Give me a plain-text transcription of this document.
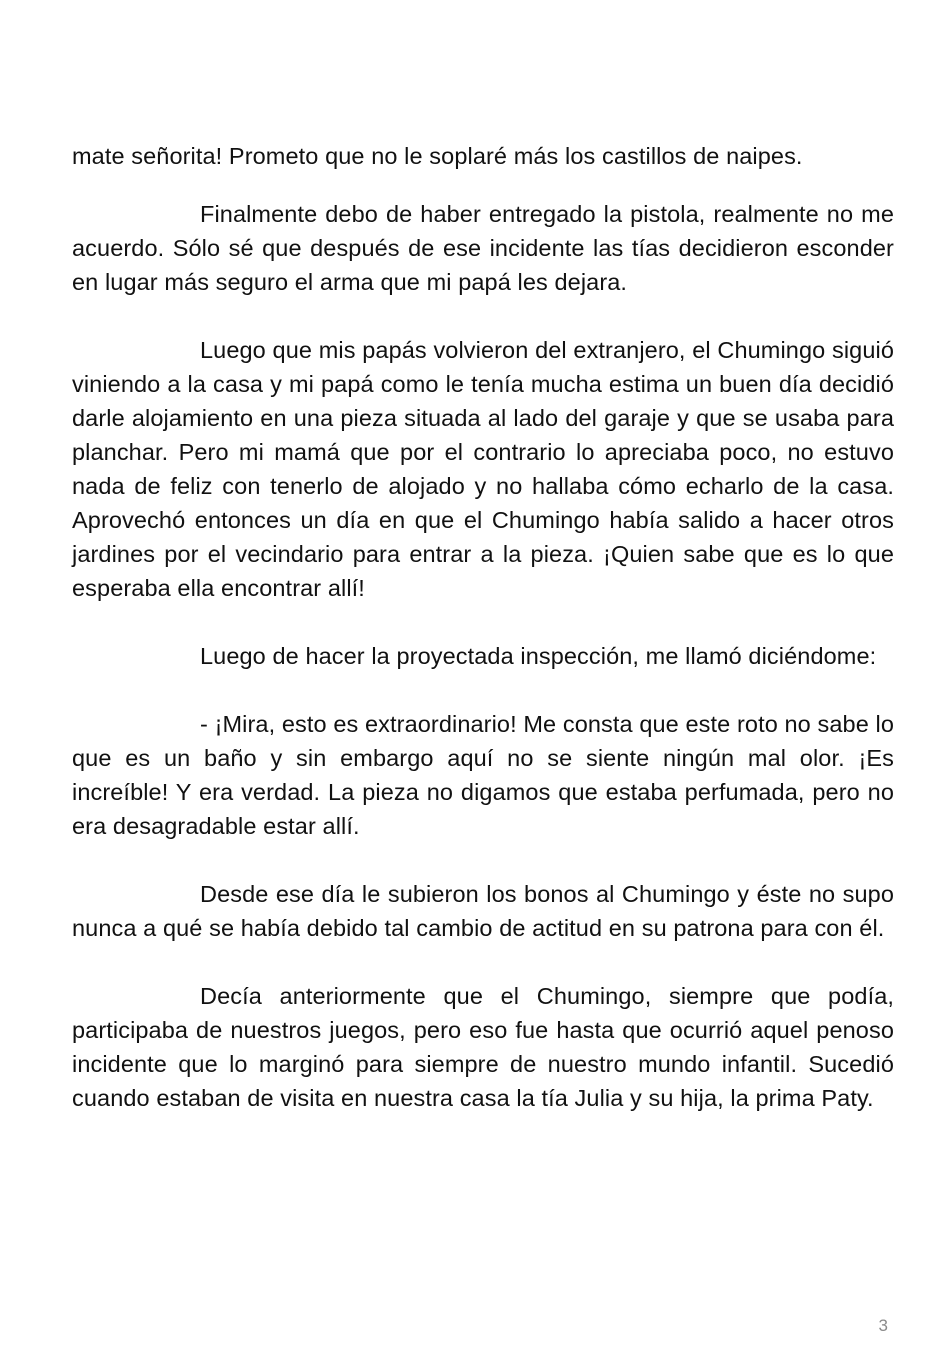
mate señorita! Prometo que no le soplaré más los castillos de naipes.

Finalmente debo de haber entregado la pistola, realmente no me acuerdo. Sólo sé que después de ese incidente las tías decidieron esconder en lugar más seguro el arma que mi papá les dejara.

Luego que mis papás volvieron del extranjero, el Chumingo siguió viniendo a la casa y mi papá como le tenía mucha estima un buen día decidió darle alojamiento en una pieza situada al lado del garaje y que se usaba para planchar. Pero mi mamá que por el contrario lo apreciaba poco, no estuvo nada de feliz con tenerlo de alojado y no hallaba cómo echarlo de la casa. Aprovechó entonces un día en que el Chumingo había salido a hacer otros jardines por el vecindario para entrar a la pieza. ¡Quien sabe que es lo que esperaba ella encontrar allí!

Luego de hacer la proyectada inspección, me llamó diciéndome:

- ¡Mira, esto es extraordinario! Me consta que este roto no sabe lo que es un baño y sin embargo aquí no se siente ningún mal olor. ¡Es increíble! Y era verdad. La pieza no digamos que estaba perfumada, pero no era desagradable estar allí.

Desde ese día le subieron los bonos al Chumingo y éste no supo nunca a qué se había debido tal cambio de actitud en su patrona para con él.

Decía anteriormente que el Chumingo, siempre que podía, participaba de nuestros juegos, pero eso fue hasta que ocurrió aquel penoso incidente que lo marginó para siempre de nuestro mundo infantil. Sucedió cuando estaban de visita en nuestra casa la tía Julia y su hija, la prima Paty.

3
